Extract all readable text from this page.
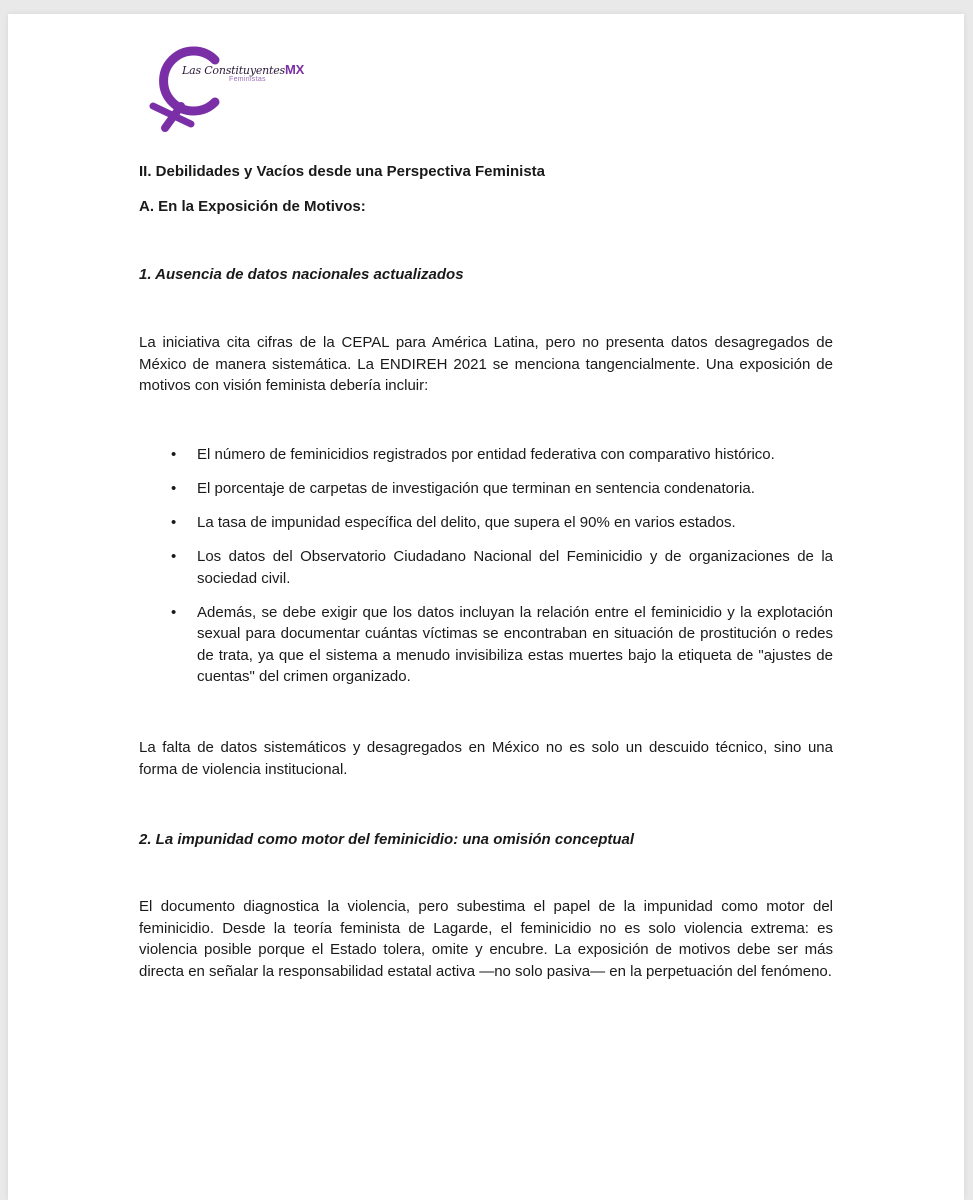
Las ConstituyentesMX
Feministas
II. Debilidades y Vacíos desde una Perspectiva Feminista
A. En la Exposición de Motivos:
1. Ausencia de datos nacionales actualizados

La iniciativa cita cifras de la CEPAL para América Latina, pero no presenta datos desagregados de México de manera sistemática. La ENDIREH 2021 se menciona tangencialmente. Una exposición de motivos con visión feminista debería incluir:

• El número de feminicidios registrados por entidad federativa con comparativo histórico.
• El porcentaje de carpetas de investigación que terminan en sentencia condenatoria.
• La tasa de impunidad específica del delito, que supera el 90% en varios estados.
• Los datos del Observatorio Ciudadano Nacional del Feminicidio y de organizaciones de la sociedad civil.
• Además, se debe exigir que los datos incluyan la relación entre el feminicidio y la explotación sexual para documentar cuántas víctimas se encontraban en situación de prostitución o redes de trata, ya que el sistema a menudo invisibiliza estas muertes bajo la etiqueta de "ajustes de cuentas" del crimen organizado.

La falta de datos sistemáticos y desagregados en México no es solo un descuido técnico, sino una forma de violencia institucional.

2. La impunidad como motor del feminicidio: una omisión conceptual

El documento diagnostica la violencia, pero subestima el papel de la impunidad como motor del feminicidio. Desde la teoría feminista de Lagarde, el feminicidio no es solo violencia extrema: es violencia posible porque el Estado tolera, omite y encubre. La exposición de motivos debe ser más directa en señalar la responsabilidad estatal activa —no solo pasiva— en la perpetuación del fenómeno.
